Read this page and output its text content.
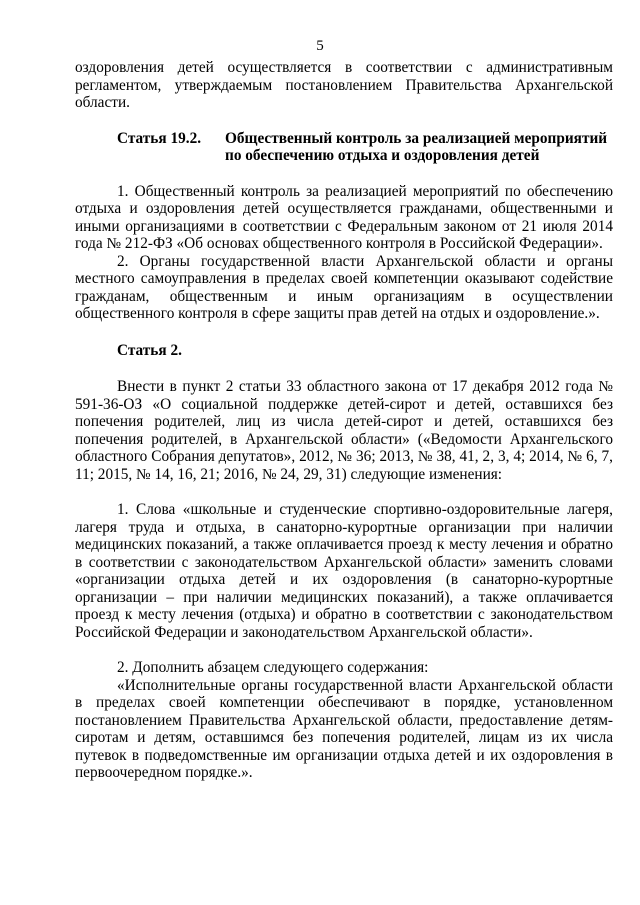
5

оздоровления детей осуществляется в соответствии с административным регламентом, утверждаемым постановлением Правительства Архангельской области.

Статья 19.2.	Общественный контроль за реализацией мероприятий по обеспечению отдыха и оздоровления детей

1. Общественный контроль за реализацией мероприятий по обеспечению отдыха и оздоровления детей осуществляется гражданами, общественными и иными организациями в соответствии с Федеральным законом от 21 июля 2014 года № 212-ФЗ «Об основах общественного контроля в Российской Федерации».

2. Органы государственной власти Архангельской области и органы местного самоуправления в пределах своей компетенции оказывают содействие гражданам, общественным и иным организациям в осуществлении общественного контроля в сфере защиты прав детей на отдых и оздоровление.».

Статья 2.

Внести в пункт 2 статьи 33 областного закона от 17 декабря 2012 года № 591-36-ОЗ «О социальной поддержке детей-сирот и детей, оставшихся без попечения родителей, лиц из числа детей-сирот и детей, оставшихся без попечения родителей, в Архангельской области» («Ведомости Архангельского областного Собрания депутатов», 2012, № 36; 2013, № 38, 41, 2, 3, 4; 2014, № 6, 7, 11; 2015, № 14, 16, 21; 2016, № 24, 29, 31) следующие изменения:

1. Слова «школьные и студенческие спортивно-оздоровительные лагеря, лагеря труда и отдыха, в санаторно-курортные организации при наличии медицинских показаний, а также оплачивается проезд к месту лечения и обратно в соответствии с законодательством Архангельской области» заменить словами «организации отдыха детей и их оздоровления (в санаторно-курортные организации – при наличии медицинских показаний), а также оплачивается проезд к месту лечения (отдыха) и обратно в соответствии с законодательством Российской Федерации и законодательством Архангельской области».

2. Дополнить абзацем следующего содержания:

«Исполнительные органы государственной власти Архангельской области в пределах своей компетенции обеспечивают в порядке, установленном постановлением Правительства Архангельской области, предоставление детям-сиротам и детям, оставшимся без попечения родителей, лицам из их числа путевок в подведомственные им организации отдыха детей и их оздоровления в первоочередном порядке.».
